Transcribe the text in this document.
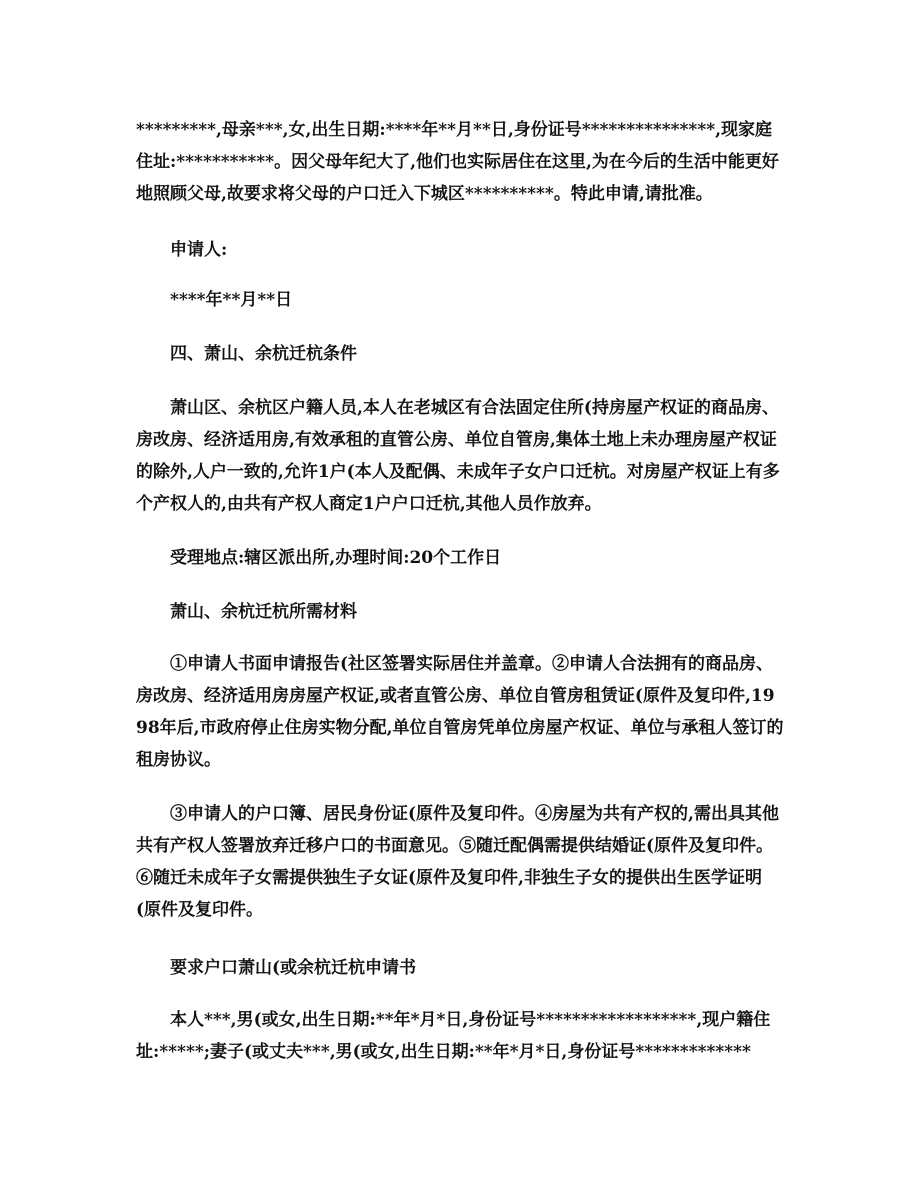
*********,母亲***,女,出生日期:****年**月**日,身份证号***************,现家庭住址:***********。因父母年纪大了,他们也实际居住在这里,为在今后的生活中能更好地照顾父母,故要求将父母的户口迁入下城区**********。特此申请,请批准。

申请人:

****年**月**日

四、萧山、余杭迁杭条件

萧山区、余杭区户籍人员,本人在老城区有合法固定住所(持房屋产权证的商品房、房改房、经济适用房,有效承租的直管公房、单位自管房,集体土地上未办理房屋产权证的除外,人户一致的,允许1户(本人及配偶、未成年子女户口迁杭。对房屋产权证上有多个产权人的,由共有产权人商定1户户口迁杭,其他人员作放弃。

受理地点:辖区派出所,办理时间:20个工作日

萧山、余杭迁杭所需材料

①申请人书面申请报告(社区签署实际居住并盖章。②申请人合法拥有的商品房、房改房、经济适用房房屋产权证,或者直管公房、单位自管房租赁证(原件及复印件,1998年后,市政府停止住房实物分配,单位自管房凭单位房屋产权证、单位与承租人签订的租房协议。

③申请人的户口簿、居民身份证(原件及复印件。④房屋为共有产权的,需出具其他共有产权人签署放弃迁移户口的书面意见。⑤随迁配偶需提供结婚证(原件及复印件。⑥随迁未成年子女需提供独生子女证(原件及复印件,非独生子女的提供出生医学证明(原件及复印件。

要求户口萧山(或余杭迁杭申请书

本人***,男(或女,出生日期:**年*月*日,身份证号******************,现户籍住址:*****;妻子(或丈夫***,男(或女,出生日期:**年*月*日,身份证号*************
